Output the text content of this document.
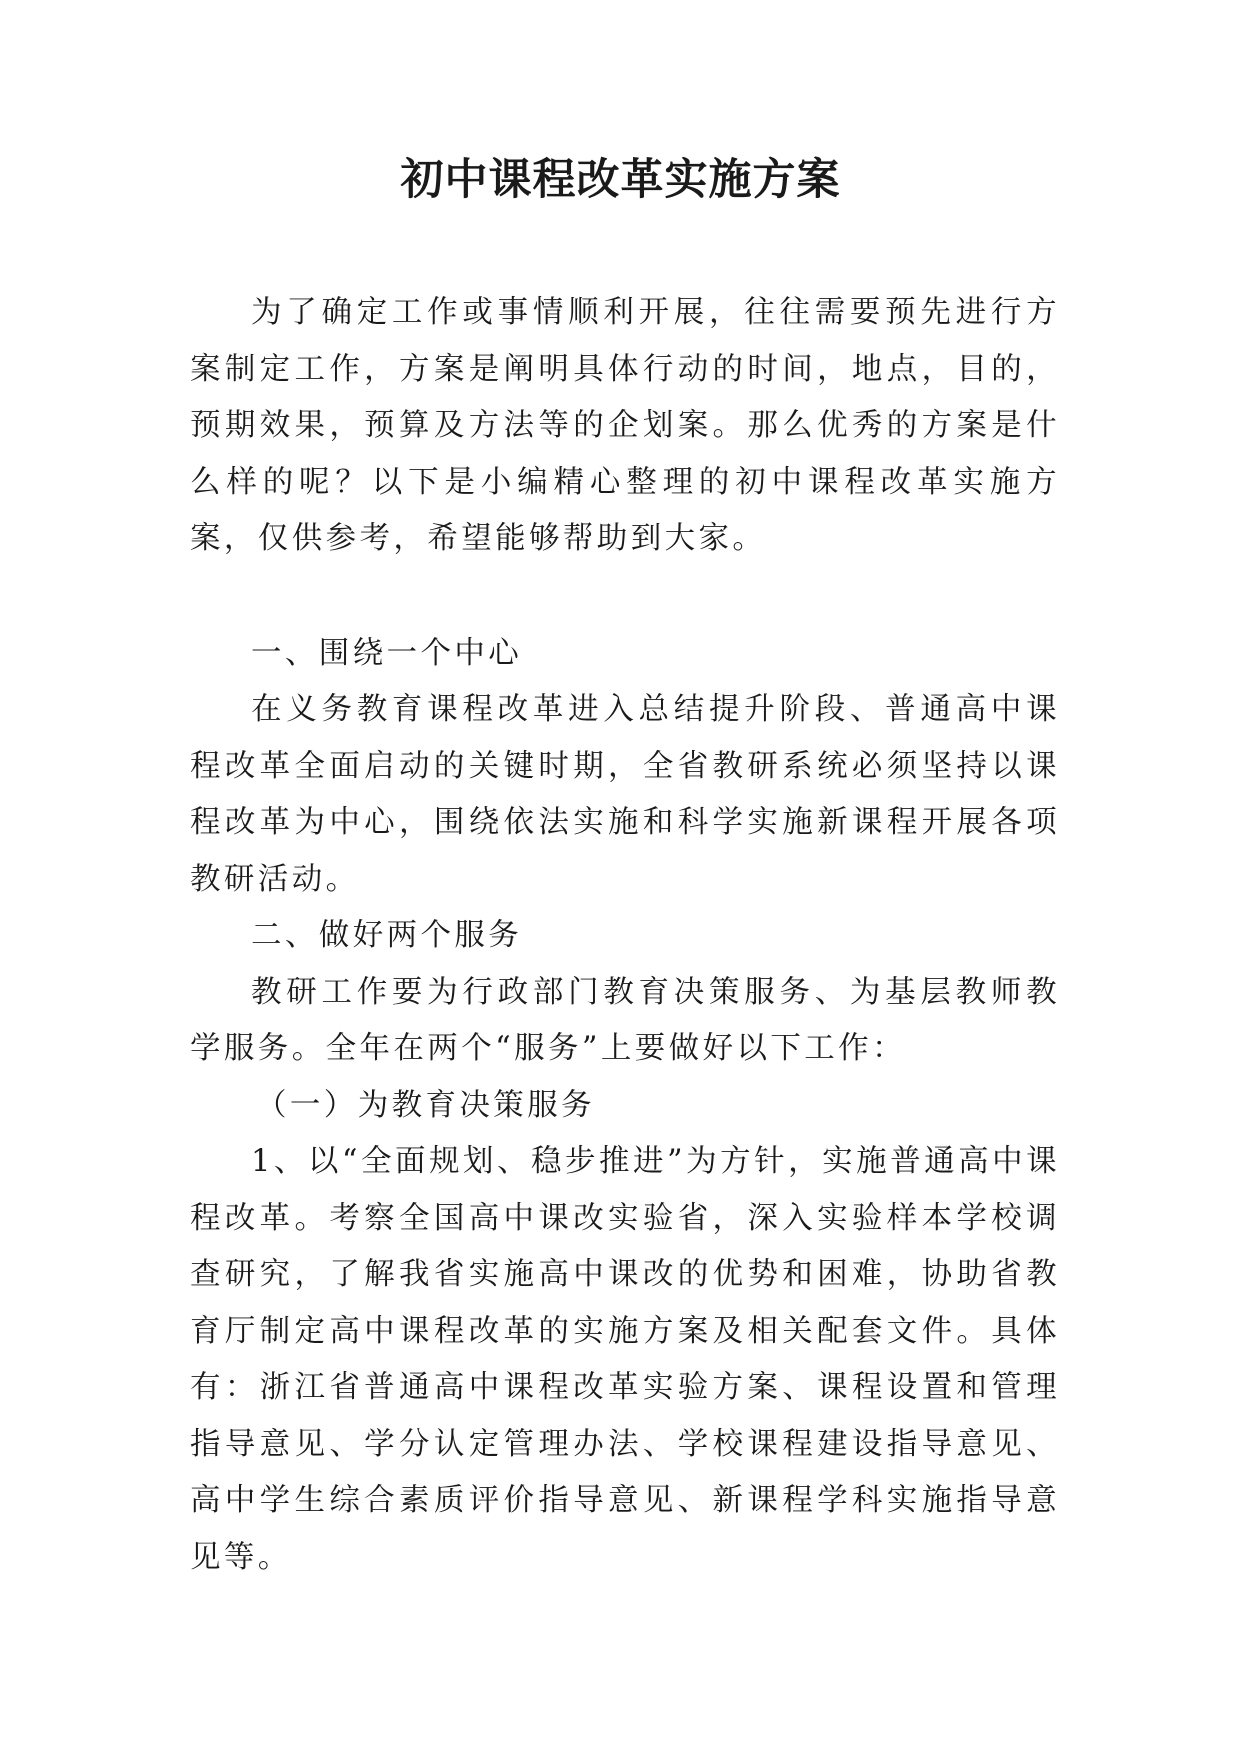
初中课程改革实施方案

为了确定工作或事情顺利开展，往往需要预先进行方案制定工作，方案是阐明具体行动的时间，地点，目的，预期效果，预算及方法等的企划案。那么优秀的方案是什么样的呢？以下是小编精心整理的初中课程改革实施方案，仅供参考，希望能够帮助到大家。

一、围绕一个中心

在义务教育课程改革进入总结提升阶段、普通高中课程改革全面启动的关键时期，全省教研系统必须坚持以课程改革为中心，围绕依法实施和科学实施新课程开展各项教研活动。

二、做好两个服务

教研工作要为行政部门教育决策服务、为基层教师教学服务。全年在两个“服务”上要做好以下工作：

（一）为教育决策服务

1、以“全面规划、稳步推进”为方针，实施普通高中课程改革。考察全国高中课改实验省，深入实验样本学校调查研究，了解我省实施高中课改的优势和困难，协助省教育厅制定高中课程改革的实施方案及相关配套文件。具体有：浙江省普通高中课程改革实验方案、课程设置和管理指导意见、学分认定管理办法、学校课程建设指导意见、高中学生综合素质评价指导意见、新课程学科实施指导意见等。
